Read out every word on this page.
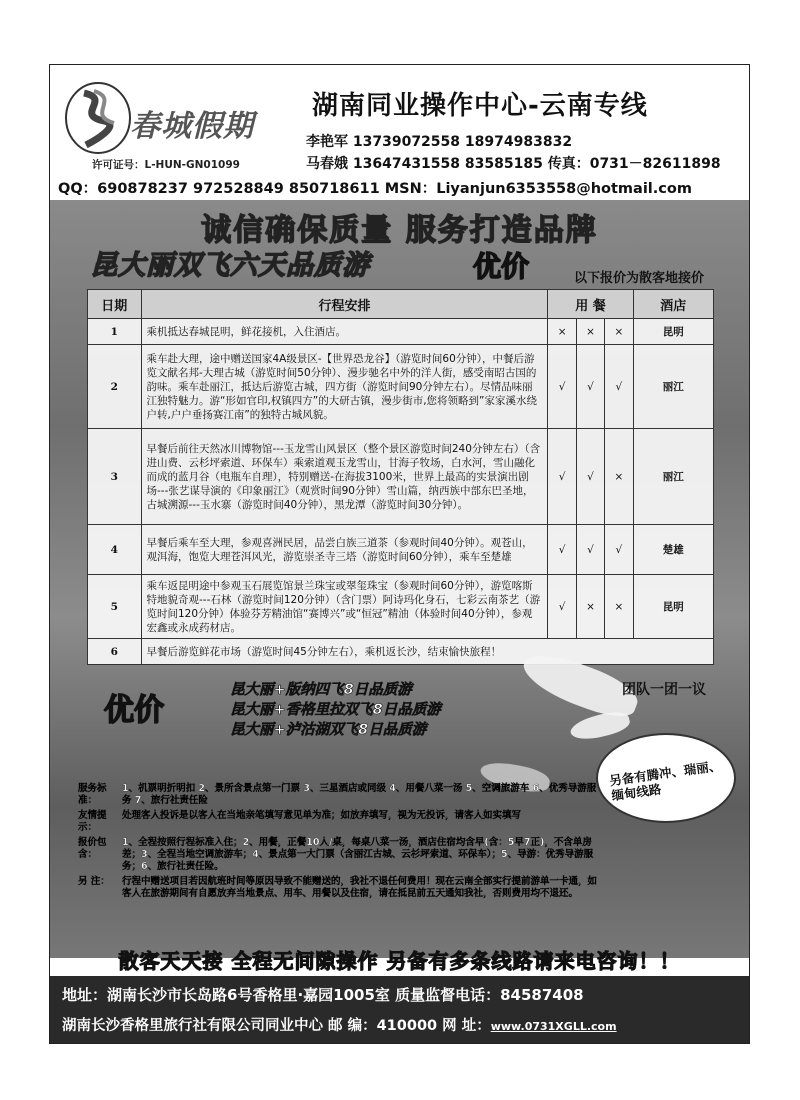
春城假期
许可证号：L-HUN-GN01099
湖南同业操作中心-云南专线
李艳军 13739072558 18974983832
马春娥 13647431558 83585185 传真：0731－82611898
QQ：690878237 972528849 850718611 MSN：Liyanjun6353558@hotmail.com
诚信确保质量 服务打造品牌
昆大丽双飞六天品质游	优价	以下报价为散客地接价
日期	行程安排	用 餐			酒店
1	乘机抵达春城昆明，鲜花接机，入住酒店。	×	×	×	昆明
2	乘车赴大理，途中赠送国家4A级景区-【世界恐龙谷】（游览时间60分钟），中餐后游览文献名邦-大理古城（游览时间50分钟）、漫步驰名中外的洋人街，感受南昭古国的韵味。乘车赴丽江，抵达后游览古城，四方街（游览时间90分钟左右）。尽情品味丽江独特魅力。游“形如官印,权镇四方”的大研古镇，漫步街市,您将领略到”家家溪水绕户转,户户垂扬赛江南”的独特古城风貌。	√	√	√	丽江
3	早餐后前往天然冰川博物馆---玉龙雪山风景区（整个景区游览时间240分钟左右）（含进山费、云杉坪索道、环保车）乘索道观玉龙雪山，甘海子牧场，白水河，雪山融化而成的蓝月谷（电瓶车自理），特别赠送-在海拔3100米，世界上最高的实景演出剧场---张艺谋导演的《印象丽江》（观赏时间90分钟）雪山篇，纳西族中部东巴圣地，古城溯源---玉水寨（游览时间40分钟），黑龙潭（游览时间30分钟）。	√	√	×	丽江
4	早餐后乘车至大理，参观喜洲民居，品尝白族三道茶（参观时间40分钟）。观苍山，观洱海，饱览大理苍洱风光，游览崇圣寺三塔（游览时间60分钟），乘车至楚雄	√	√	√	楚雄
5	乘车返昆明途中参观玉石展览馆景兰珠宝或翠玺珠宝（参观时间60分钟），游览喀斯特地貌奇观---石林（游览时间120分钟）（含门票）阿诗玛化身石，七彩云南茶艺（游览时间120分钟）体验芬芳精油馆“赛博兴”或“恒冠”精油（体验时间40分钟），参观宏鑫或永成药材店。	√	×	×	昆明
6	早餐后游览鲜花市场（游览时间45分钟左右），乘机返长沙，结束愉快旅程！				
优价
昆大丽+版纳四飞8日品质游
昆大丽+香格里拉双飞8日品质游
昆大丽+泸沽湖双飞8日品质游
团队一团一议
另备有腾冲、瑞丽、缅甸线路
服务标准：
1、机票明折明扣 2、景所含景点第一门票 3、三星酒店或同级 4、用餐八菜一汤 5、空调旅游车 6、优秀导游服务 7、旅行社责任险
友情提示：
处理客人投诉是以客人在当地亲笔填写意见单为准；如放弃填写，视为无投诉，请客人如实填写
报价包含：
1、全程按照行程标准入住；2、用餐，正餐10人/桌，每桌八菜一汤，酒店住宿均含早(含：5早7正)，不含单房差；3、全程当地空调旅游车；4、景点第一大门票（含丽江古城、云杉坪索道、环保车）；5、导游：优秀导游服务；6、旅行社责任险。
另 注：	行程中赠送项目若因航班时间等原因导致不能赠送的，我社不退任何费用！现在云南全部实行提前游单一卡通，如客人在旅游期间有自愿放弃当地景点、用车、用餐以及住宿，请在抵昆前五天通知我社，否则费用均不退还。
散客天天接 全程无间隙操作 另备有多条线路请来电咨询！！
地址：湖南长沙市长岛路6号香格里·嘉园1005室 质量监督电话：84587408
湖南长沙香格里旅行社有限公司同业中心 邮 编：410000 网 址：www.0731XGLL.com
